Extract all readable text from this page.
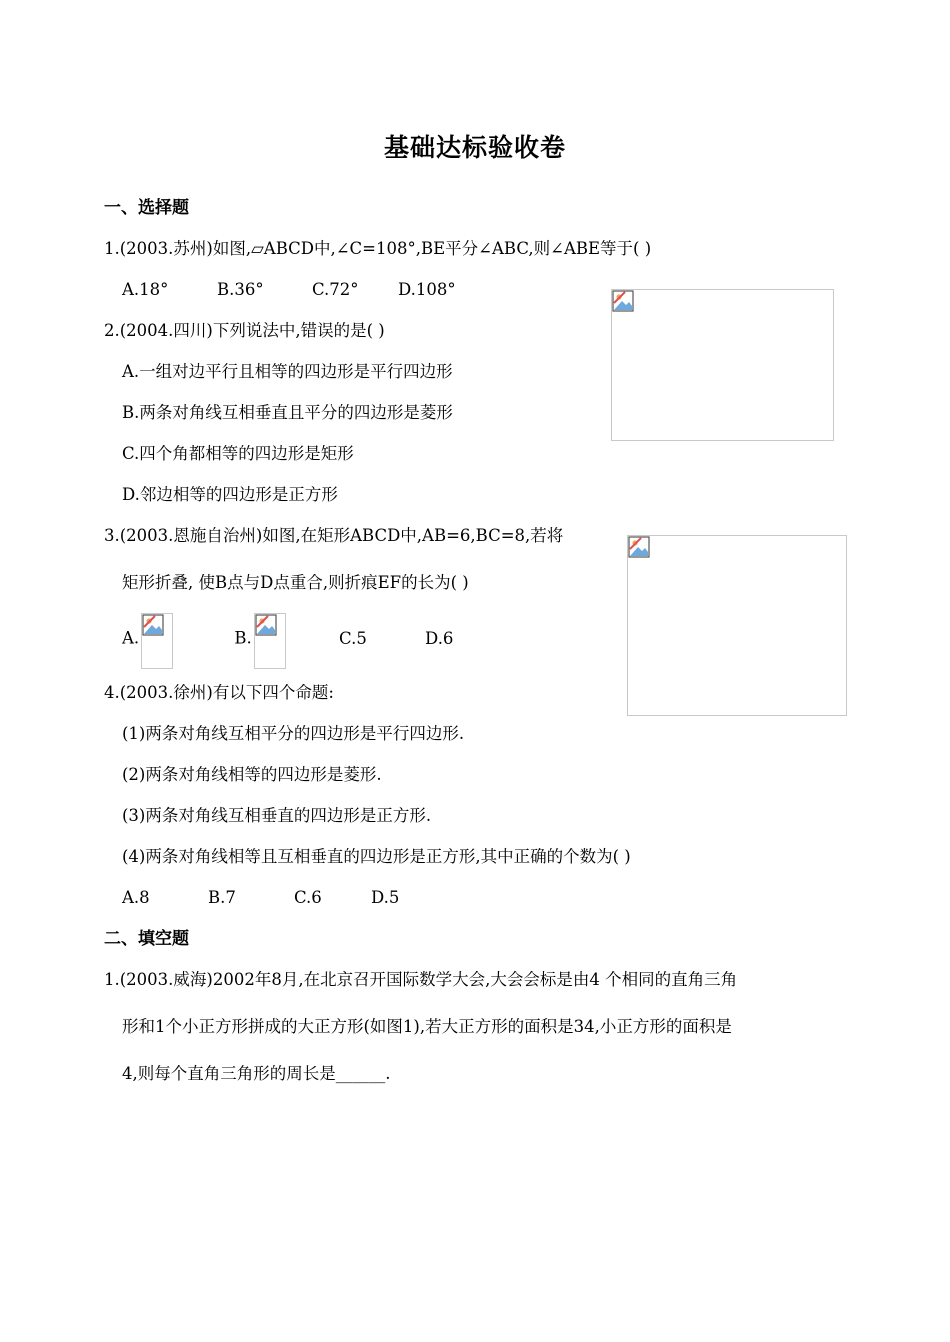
基础达标验收卷
一、选择题
1.(2003.苏州)如图,▱ABCD中,∠C=108°,BE平分∠ABC,则∠ABE等于( )
A.18°	B.36°	C.72° D.108°
2.(2004.四川)下列说法中,错误的是( )
A.一组对边平行且相等的四边形是平行四边形
B.两条对角线互相垂直且平分的四边形是菱形
C.四个角都相等的四边形是矩形
D.邻边相等的四边形是正方形
3.(2003.恩施自治州)如图,在矩形ABCD中,AB=6,BC=8,若将
矩形折叠, 使B点与D点重合,则折痕EF的长为( )
A.	B.	C.5	D.6
4.(2003.徐州)有以下四个命题:
(1)两条对角线互相平分的四边形是平行四边形.
(2)两条对角线相等的四边形是菱形.
(3)两条对角线互相垂直的四边形是正方形.
(4)两条对角线相等且互相垂直的四边形是正方形,其中正确的个数为( )
A.8	B.7	C.6	D.5
二、填空题
1.(2003.威海)2002年8月,在北京召开国际数学大会,大会会标是由4 个相同的直角三角
形和1个小正方形拼成的大正方形(如图1),若大正方形的面积是34,小正方形的面积是
4,则每个直角三角形的周长是______.
